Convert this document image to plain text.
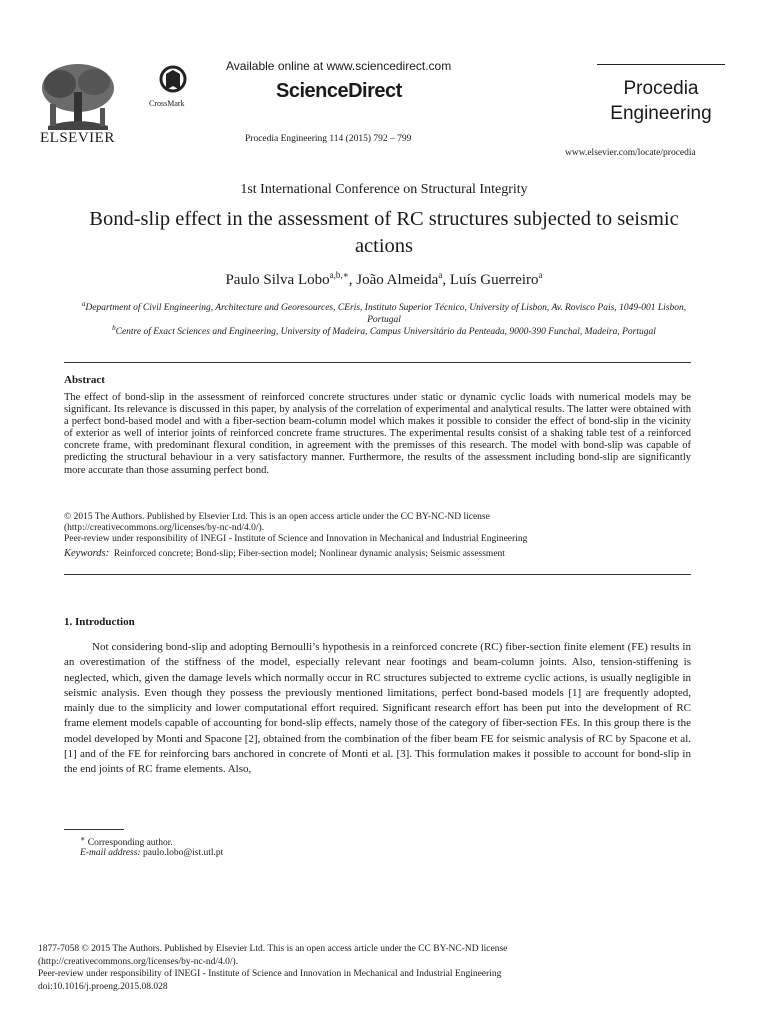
ELSEVIER
CrossMark
Available online at www.sciencedirect.com
ScienceDirect
Procedia Engineering 114 (2015) 792 – 799
Procedia
Engineering
www.elsevier.com/locate/procedia
1st International Conference on Structural Integrity
Bond-slip effect in the assessment of RC structures subjected to seismic actions
Paulo Silva Lobo$^{a,b,∗}$, João Almeida$^a$, Luís Guerreiro$^a$
$^a$Department of Civil Engineering, Architecture and Georesources, CEris, Instituto Superior Técnico, University of Lisbon, Av. Rovisco Pais, 1049-001 Lisbon, Portugal
$^b$Centre of Exact Sciences and Engineering, University of Madeira, Campus Universitário da Penteada, 9000-390 Funchal, Madeira, Portugal
Abstract
The effect of bond-slip in the assessment of reinforced concrete structures under static or dynamic cyclic loads with numerical models may be significant. Its relevance is discussed in this paper, by analysis of the correlation of experimental and analytical results. The latter were obtained with a perfect bond-based model and with a fiber-section beam-column model which makes it possible to consider the effect of bond-slip in the vicinity of exterior as well of interior joints of reinforced concrete frame structures. The experimental results consist of a shaking table test of a reinforced concrete frame, with predominant flexural condition, in agreement with the premisses of this research. The model with bond-slip was capable of predicting the structural behaviour in a very satisfactory manner. Furthermore, the results of the assessment including bond-slip are significantly more accurate than those assuming perfect bond.
© 2015 The Authors. Published by Elsevier Ltd. This is an open access article under the CC BY-NC-ND license
(http://creativecommons.org/licenses/by-nc-nd/4.0/).
Peer-review under responsibility of INEGI - Institute of Science and Innovation in Mechanical and Industrial Engineering
Keywords: Reinforced concrete; Bond-slip; Fiber-section model; Nonlinear dynamic analysis; Seismic assessment
1. Introduction
Not considering bond-slip and adopting Bernoulli’s hypothesis in a reinforced concrete (RC) fiber-section finite element (FE) results in an overestimation of the stiffness of the model, especially relevant near footings and beam-column joints. Also, tension-stiffening is neglected, which, given the damage levels which normally occur in RC structures subjected to extreme cyclic actions, is usually negligible in seismic analysis. Even though they possess the previously mentioned limitations, perfect bond-based models [1] are frequently adopted, mainly due to the simplicity and lower computational effort required. Significant research effort has been put into the development of RC frame element models capable of accounting for bond-slip effects, namely those of the category of fiber-section FEs. In this group there is the model developed by Monti and Spacone [2], obtained from the combination of the fiber beam FE for seismic analysis of RC by Spacone et al. [1] and of the FE for reinforcing bars anchored in concrete of Monti et al. [3]. This formulation makes it possible to account for bond-slip in the end joints of RC frame elements. Also,
∗ Corresponding author.
E-mail address: paulo.lobo@ist.utl.pt
1877-7058 © 2015 The Authors. Published by Elsevier Ltd. This is an open access article under the CC BY-NC-ND license
(http://creativecommons.org/licenses/by-nc-nd/4.0/).
Peer-review under responsibility of INEGI - Institute of Science and Innovation in Mechanical and Industrial Engineering
doi:10.1016/j.proeng.2015.08.028
